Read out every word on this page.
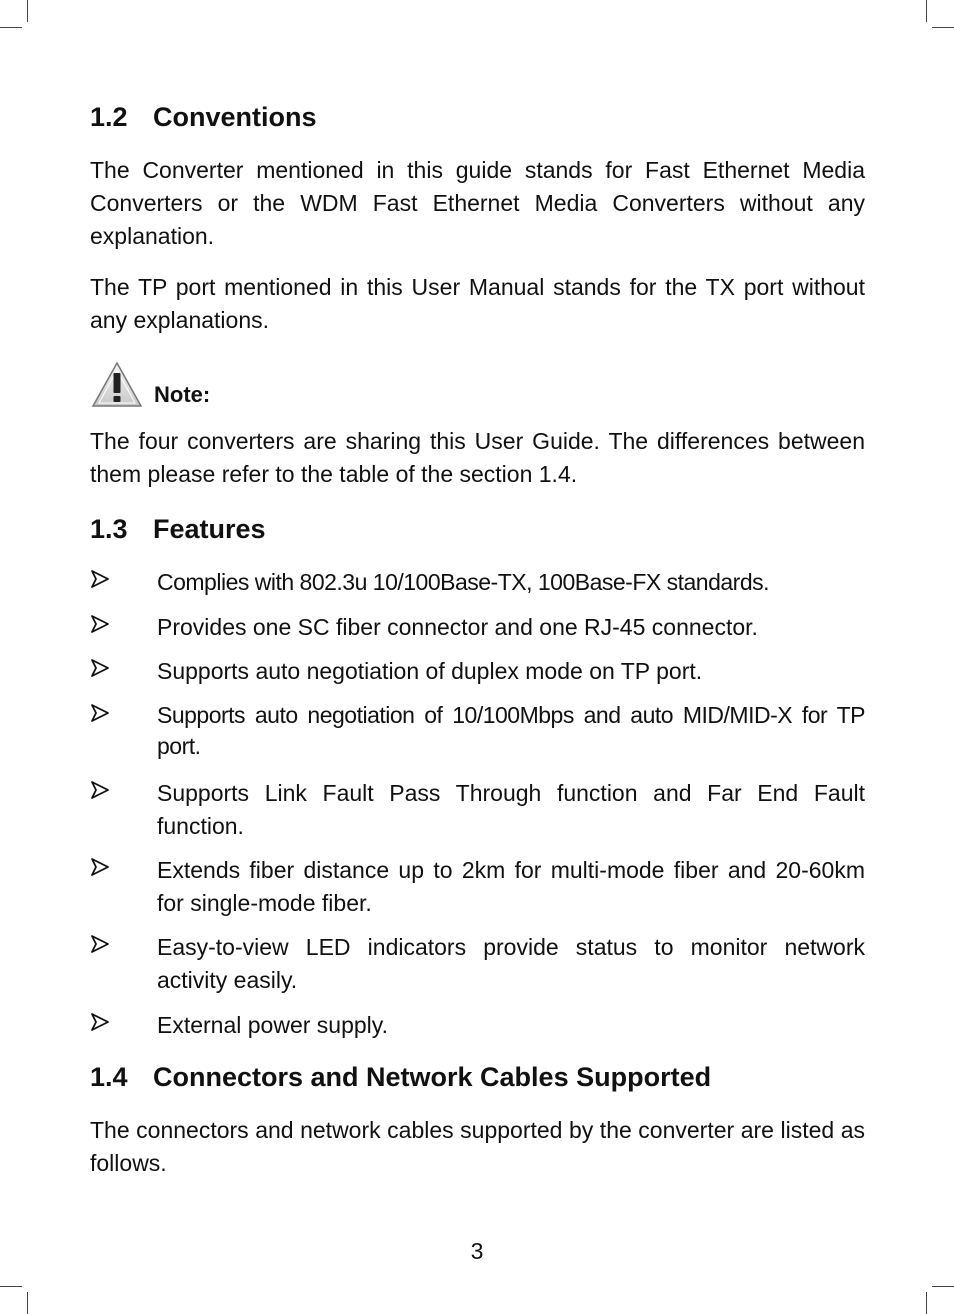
1.2 Conventions

The Converter mentioned in this guide stands for Fast Ethernet Media Converters or the WDM Fast Ethernet Media Converters without any explanation.

The TP port mentioned in this User Manual stands for the TX port without any explanations.

Note:

The four converters are sharing this User Guide. The differences between them please refer to the table of the section 1.4.

1.3 Features
Complies with 802.3u 10/100Base-TX, 100Base-FX standards.
Provides one SC fiber connector and one RJ-45 connector.
Supports auto negotiation of duplex mode on TP port.
Supports auto negotiation of 10/100Mbps and auto MID/MID-X for TP port.
Supports Link Fault Pass Through function and Far End Fault function.
Extends fiber distance up to 2km for multi-mode fiber and 20-60km for single-mode fiber.
Easy-to-view LED indicators provide status to monitor network activity easily.
External power supply.
1.4 Connectors and Network Cables Supported

The connectors and network cables supported by the converter are listed as follows.

3
